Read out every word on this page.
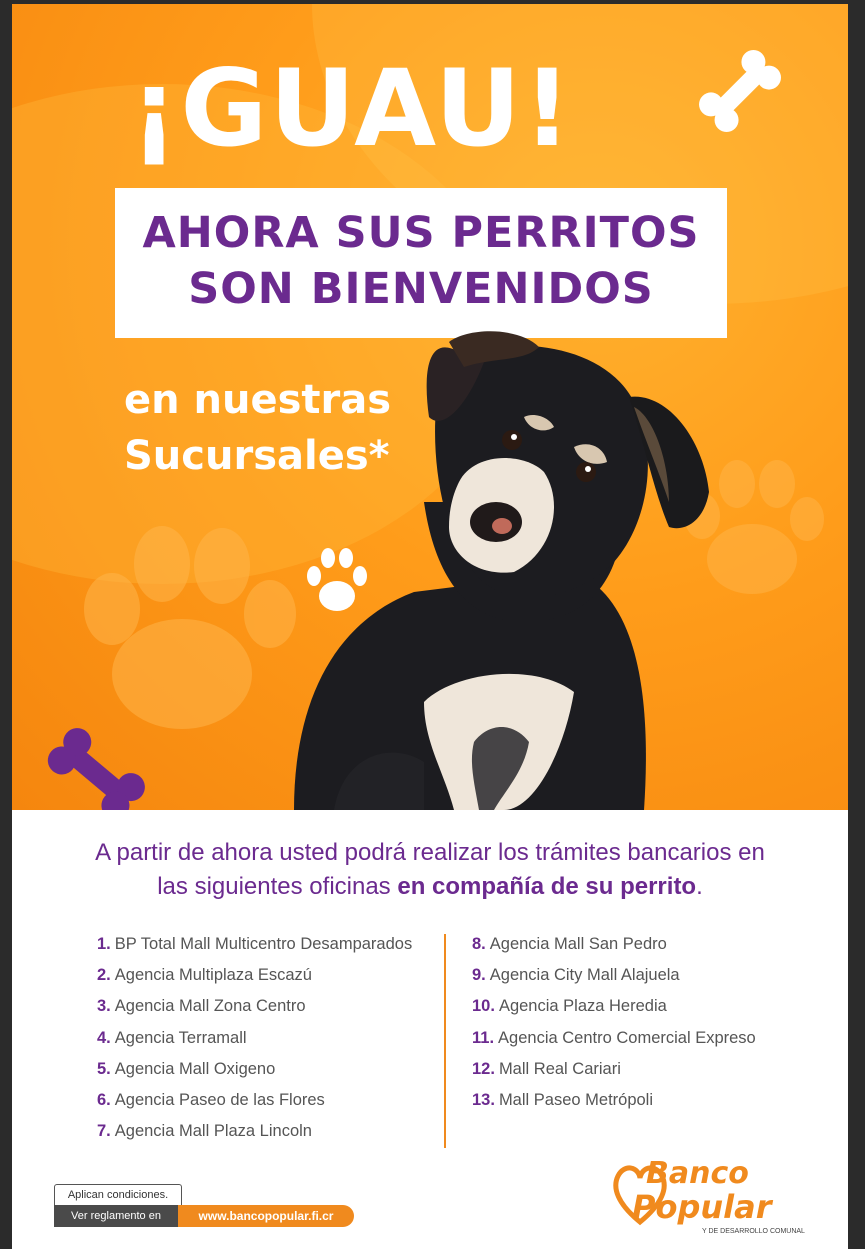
¡GUAU!
AHORA SUS PERRITOS
SON BIENVENIDOS
en nuestras
Sucursales*
A partir de ahora usted podrá realizar los trámites bancarios en
las siguientes oficinas en compañía de su perrito.
1. BP Total Mall Multicentro Desamparados
2. Agencia Multiplaza Escazú
3. Agencia Mall Zona Centro
4. Agencia Terramall
5. Agencia Mall Oxigeno
6. Agencia Paseo de las Flores
7. Agencia Mall Plaza Lincoln
8. Agencia Mall San Pedro
9. Agencia City Mall Alajuela
10. Agencia Plaza Heredia
11. Agencia Centro Comercial Expreso
12. Mall Real Cariari
13. Mall Paseo Metrópoli
Aplican condiciones.
Ver reglamento en	www.bancopopular.fi.cr
Banco
Popular
Y DE DESARROLLO COMUNAL
